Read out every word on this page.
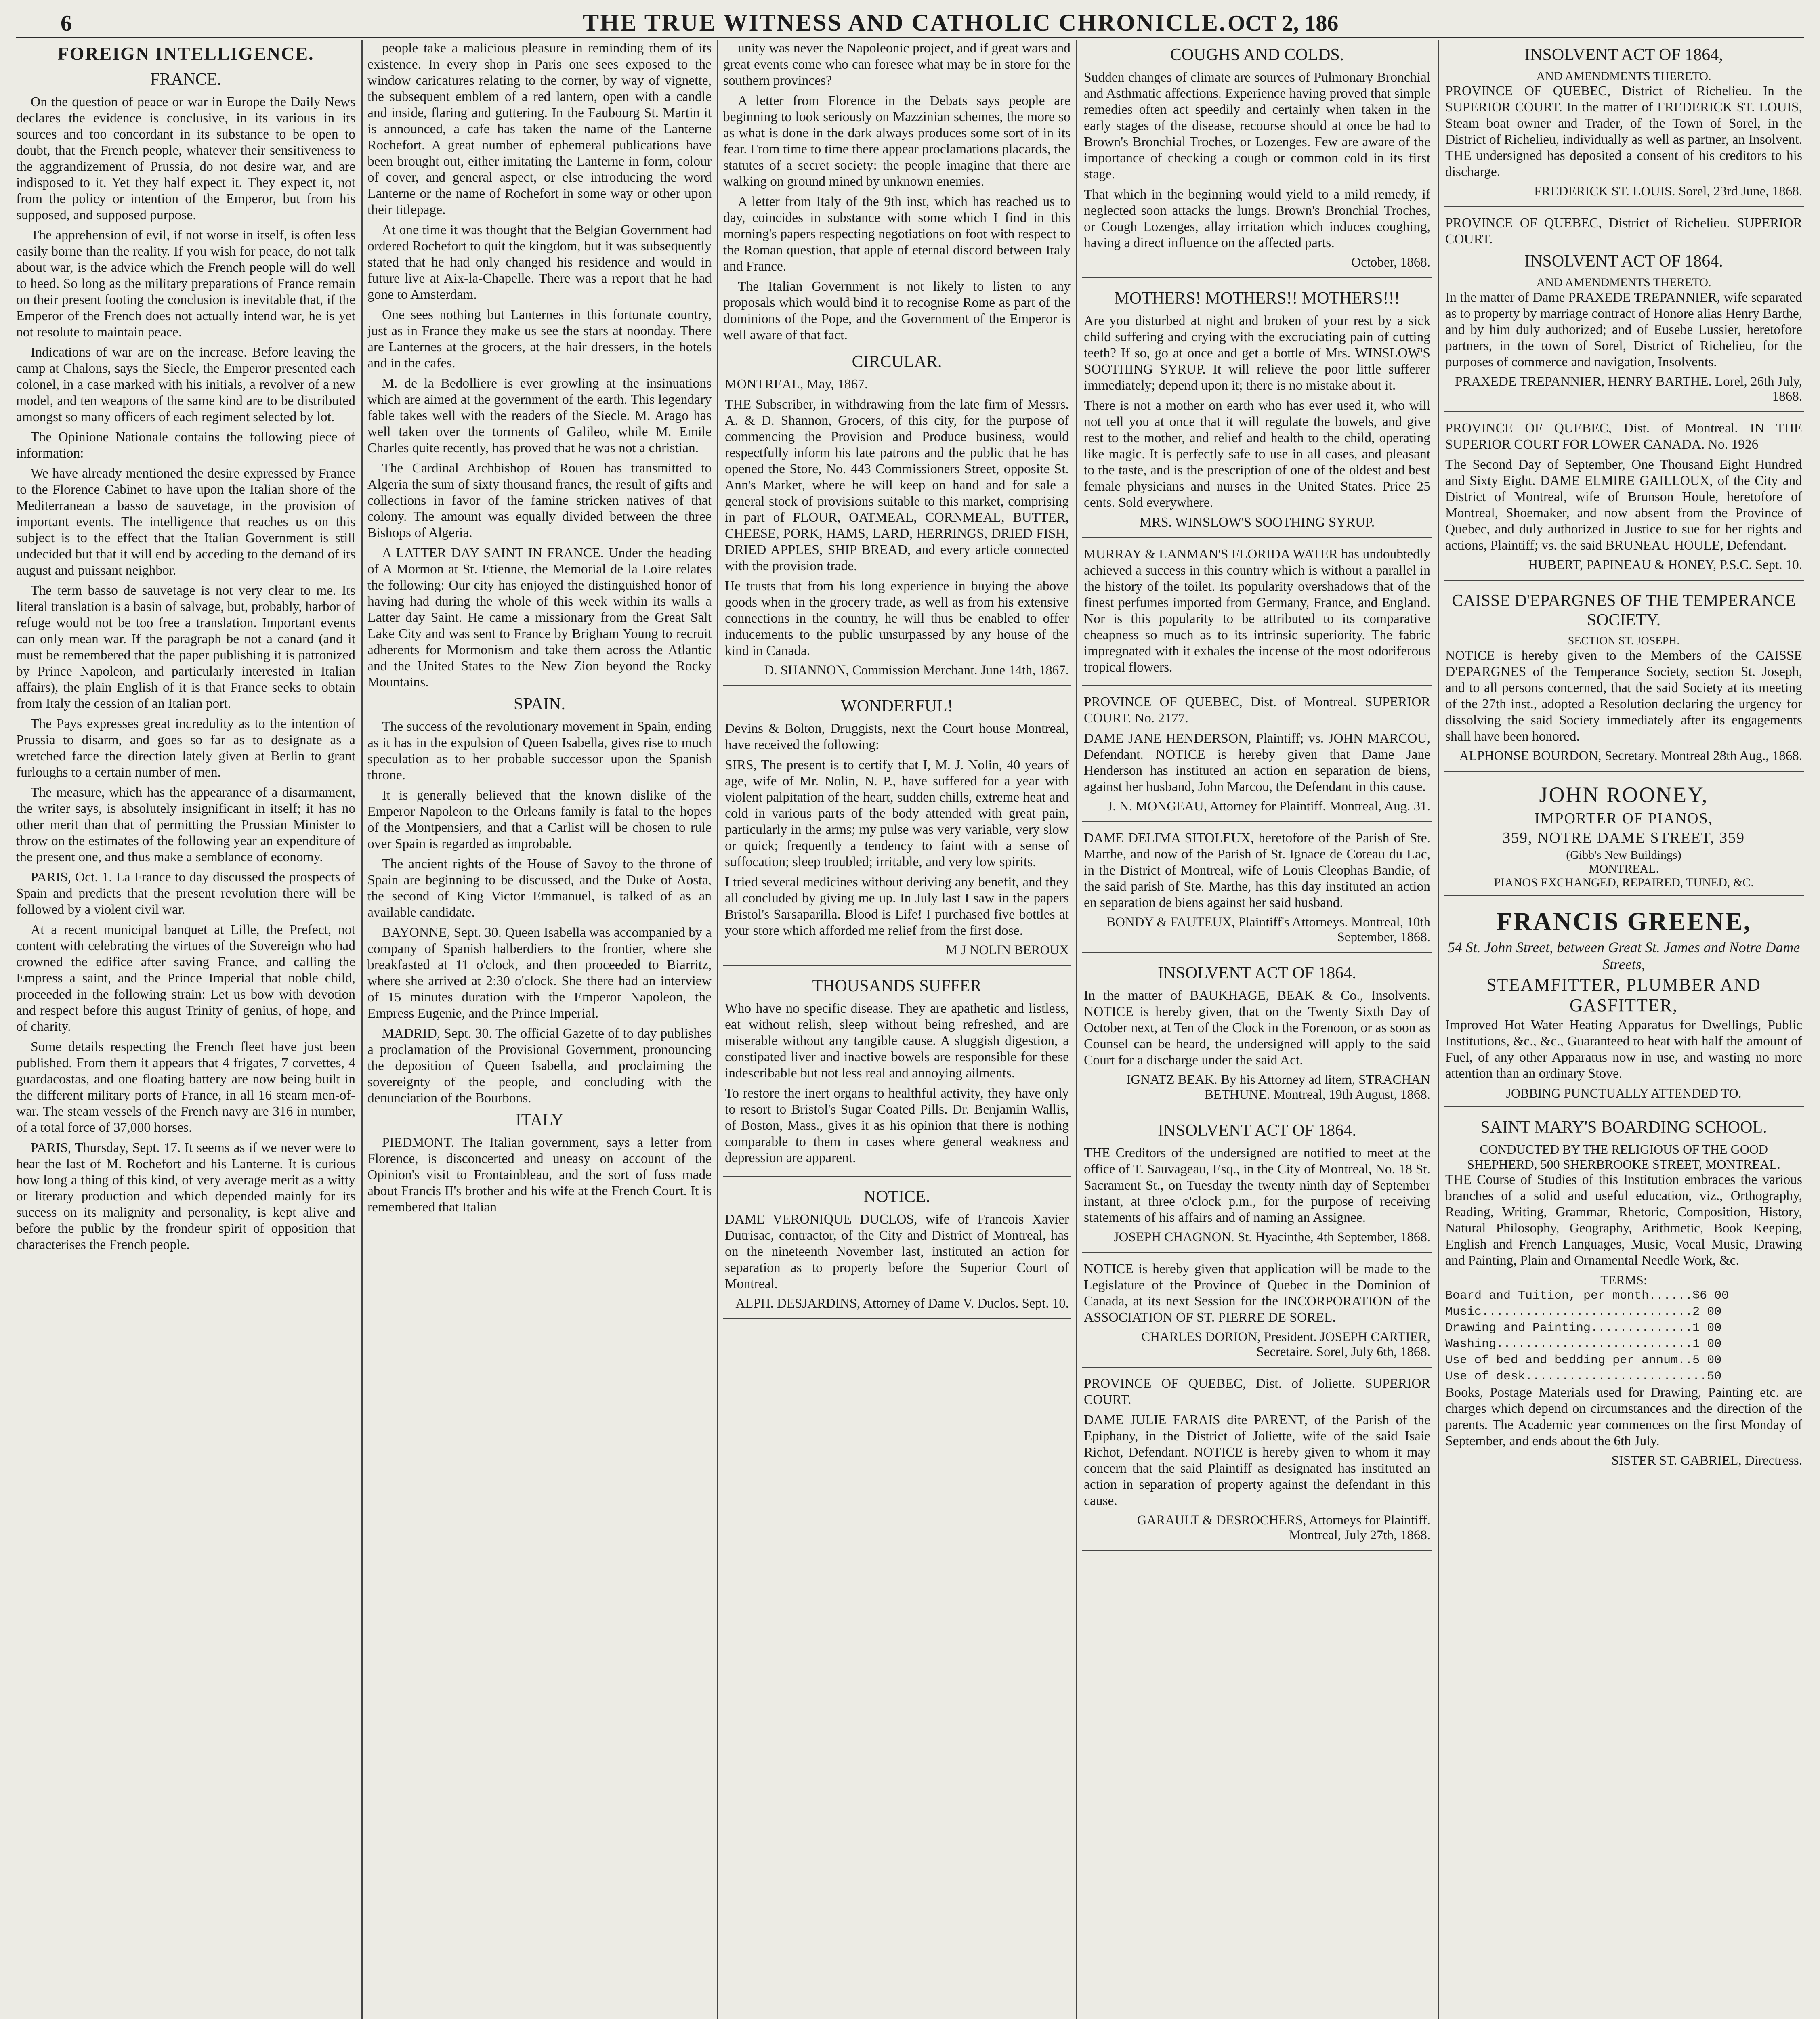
6	THE TRUE WITNESS AND CATHOLIC CHRONICLE. OCT 2, 186
FOREIGN INTELLIGENCE.
FRANCE.

On the question of peace or war in Europe the Daily News declares the evidence is conclusive, in its various in its sources and too concordant in its substance to be open to doubt, that the French people, whatever their sensitiveness to the aggrandizement of Prussia, do not desire war, and are indisposed to it. Yet they half expect it. They expect it, not from the policy or intention of the Emperor, but from his supposed, and supposed purpose.

The apprehension of evil, if not worse in itself, is often less easily borne than the reality. If you wish for peace, do not talk about war, is the advice which the French people will do well to heed. So long as the military preparations of France remain on their present footing the conclusion is inevitable that, if the Emperor of the French does not actually intend war, he is yet not resolute to maintain peace.

Indications of war are on the increase. Before leaving the camp at Chalons, says the Siecle, the Emperor presented each colonel, in a case marked with his initials, a revolver of a new model, and ten weapons of the same kind are to be distributed amongst so many officers of each regiment selected by lot.

The Opinione Nationale contains the following piece of information:

We have already mentioned the desire expressed by France to the Florence Cabinet to have upon the Italian shore of the Mediterranean a basso de sauvetage, in the provision of important events. The intelligence that reaches us on this subject is to the effect that the Italian Government is still undecided but that it will end by acceding to the demand of its august and puissant neighbor.

The term basso de sauvetage is not very clear to me. Its literal translation is a basin of salvage, but, probably, harbor of refuge would not be too free a translation. Important events can only mean war. If the paragraph be not a canard (and it must be remembered that the paper publishing it is patronized by Prince Napoleon, and particularly interested in Italian affairs), the plain English of it is that France seeks to obtain from Italy the cession of an Italian port.

The Pays expresses great incredulity as to the intention of Prussia to disarm, and goes so far as to designate as a wretched farce the direction lately given at Berlin to grant furloughs to a certain number of men.

The measure, which has the appearance of a disarmament, the writer says, is absolutely insignificant in itself; it has no other merit than that of permitting the Prussian Minister to throw on the estimates of the following year an expenditure of the present one, and thus make a semblance of economy.

PARIS, Oct. 1. La France to day discussed the prospects of Spain and predicts that the present revolution there will be followed by a violent civil war.

At a recent municipal banquet at Lille, the Prefect, not content with celebrating the virtues of the Sovereign who had crowned the edifice after saving France, and calling the Empress a saint, and the Prince Imperial that noble child, proceeded in the following strain: Let us bow with devotion and respect before this august Trinity of genius, of hope, and of charity.

Some details respecting the French fleet have just been published. From them it appears that 4 frigates, 7 corvettes, 4 guardacostas, and one floating battery are now being built in the different military ports of France, in all 16 steam men-of-war. The steam vessels of the French navy are 316 in number, of a total force of 37,000 horses.

PARIS, Thursday, Sept. 17. It seems as if we never were to hear the last of M. Rochefort and his Lanterne. It is curious how long a thing of this kind, of very average merit as a witty or literary production and which depended mainly for its success on its malignity and personality, is kept alive and before the public by the frondeur spirit of opposition that characterises the French people.

people take a malicious pleasure in reminding them of its existence. In every shop in Paris one sees exposed to the window caricatures relating to the corner, by way of vignette, the subsequent emblem of a red lantern, open with a candle and inside, flaring and guttering. In the Faubourg St. Martin it is announced, a cafe has taken the name of the Lanterne Rochefort. A great number of ephemeral publications have been brought out, either imitating the Lanterne in form, colour of cover, and general aspect, or else introducing the word Lanterne or the name of Rochefort in some way or other upon their titlepage.

At one time it was thought that the Belgian Government had ordered Rochefort to quit the kingdom, but it was subsequently stated that he had only changed his residence and would in future live at Aix-la-Chapelle. There was a report that he had gone to Amsterdam.

One sees nothing but Lanternes in this fortunate country, just as in France they make us see the stars at noonday. There are Lanternes at the grocers, at the hair dressers, in the hotels and in the cafes.

M. de la Bedolliere is ever growling at the insinuations which are aimed at the government of the earth. This legendary fable takes well with the readers of the Siecle. M. Arago has well taken over the torments of Galileo, while M. Emile Charles quite recently, has proved that he was not a christian.

The Cardinal Archbishop of Rouen has transmitted to Algeria the sum of sixty thousand francs, the result of gifts and collections in favor of the famine stricken natives of that colony. The amount was equally divided between the three Bishops of Algeria.

A LATTER DAY SAINT IN FRANCE. Under the heading of A Mormon at St. Etienne, the Memorial de la Loire relates the following: Our city has enjoyed the distinguished honor of having had during the whole of this week within its walls a Latter day Saint. He came a missionary from the Great Salt Lake City and was sent to France by Brigham Young to recruit adherents for Mormonism and take them across the Atlantic and the United States to the New Zion beyond the Rocky Mountains.

SPAIN.

The success of the revolutionary movement in Spain, ending as it has in the expulsion of Queen Isabella, gives rise to much speculation as to her probable successor upon the Spanish throne.

It is generally believed that the known dislike of the Emperor Napoleon to the Orleans family is fatal to the hopes of the Montpensiers, and that a Carlist will be chosen to rule over Spain is regarded as improbable.

The ancient rights of the House of Savoy to the throne of Spain are beginning to be discussed, and the Duke of Aosta, the second of King Victor Emmanuel, is talked of as an available candidate.

BAYONNE, Sept. 30. Queen Isabella was accompanied by a company of Spanish halberdiers to the frontier, where she breakfasted at 11 o'clock, and then proceeded to Biarritz, where she arrived at 2:30 o'clock. She there had an interview of 15 minutes duration with the Emperor Napoleon, the Empress Eugenie, and the Prince Imperial.

MADRID, Sept. 30. The official Gazette of to day publishes a proclamation of the Provisional Government, pronouncing the deposition of Queen Isabella, and proclaiming the sovereignty of the people, and concluding with the denunciation of the Bourbons.

ITALY

PIEDMONT. The Italian government, says a letter from Florence, is disconcerted and uneasy on account of the Opinion's visit to Frontainbleau, and the sort of fuss made about Francis II's brother and his wife at the French Court. It is remembered that Italian

unity was never the Napoleonic project, and if great wars and great events come who can foresee what may be in store for the southern provinces?

A letter from Florence in the Debats says people are beginning to look seriously on Mazzinian schemes, the more so as what is done in the dark always produces some sort of in its fear. From time to time there appear proclamations placards, the statutes of a secret society: the people imagine that there are walking on ground mined by unknown enemies.

A letter from Italy of the 9th inst, which has reached us to day, coincides in substance with some which I find in this morning's papers respecting negotiations on foot with respect to the Roman question, that apple of eternal discord between Italy and France.

The Italian Government is not likely to listen to any proposals which would bind it to recognise Rome as part of the dominions of the Pope, and the Government of the Emperor is well aware of that fact.

CIRCULAR.

MONTREAL, May, 1867.

THE Subscriber, in withdrawing from the late firm of Messrs. A. & D. Shannon, Grocers, of this city, for the purpose of commencing the Provision and Produce business, would respectfully inform his late patrons and the public that he has opened the Store, No. 443 Commissioners Street, opposite St. Ann's Market, where he will keep on hand and for sale a general stock of provisions suitable to this market, comprising in part of FLOUR, OATMEAL, CORNMEAL, BUTTER, CHEESE, PORK, HAMS, LARD, HERRINGS, DRIED FISH, DRIED APPLES, SHIP BREAD, and every article connected with the provision trade.

He trusts that from his long experience in buying the above goods when in the grocery trade, as well as from his extensive connections in the country, he will thus be enabled to offer inducements to the public unsurpassed by any house of the kind in Canada.

D. SHANNON, Commission Merchant. June 14th, 1867.
WONDERFUL!

Devins & Bolton, Druggists, next the Court house Montreal, have received the following:

SIRS, The present is to certify that I, M. J. Nolin, 40 years of age, wife of Mr. Nolin, N. P., have suffered for a year with violent palpitation of the heart, sudden chills, extreme heat and cold in various parts of the body attended with great pain, particularly in the arms; my pulse was very variable, very slow or quick; frequently a tendency to faint with a sense of suffocation; sleep troubled; irritable, and very low spirits.

I tried several medicines without deriving any benefit, and they all concluded by giving me up. In July last I saw in the papers Bristol's Sarsaparilla. Blood is Life! I purchased five bottles at your store which afforded me relief from the first dose.

M J NOLIN BEROUX
THOUSANDS SUFFER

Who have no specific disease. They are apathetic and listless, eat without relish, sleep without being refreshed, and are miserable without any tangible cause. A sluggish digestion, a constipated liver and inactive bowels are responsible for these indescribable but not less real and annoying ailments.

To restore the inert organs to healthful activity, they have only to resort to Bristol's Sugar Coated Pills. Dr. Benjamin Wallis, of Boston, Mass., gives it as his opinion that there is nothing comparable to them in cases where general weakness and depression are apparent.

NOTICE.

DAME VERONIQUE DUCLOS, wife of Francois Xavier Dutrisac, contractor, of the City and District of Montreal, has on the nineteenth November last, instituted an action for separation as to property before the Superior Court of Montreal.

ALPH. DESJARDINS, Attorney of Dame V. Duclos. Sept. 10.
COUGHS AND COLDS.

Sudden changes of climate are sources of Pulmonary Bronchial and Asthmatic affections. Experience having proved that simple remedies often act speedily and certainly when taken in the early stages of the disease, recourse should at once be had to Brown's Bronchial Troches, or Lozenges. Few are aware of the importance of checking a cough or common cold in its first stage.

That which in the beginning would yield to a mild remedy, if neglected soon attacks the lungs. Brown's Bronchial Troches, or Cough Lozenges, allay irritation which induces coughing, having a direct influence on the affected parts.

October, 1868.
MOTHERS! MOTHERS!! MOTHERS!!!

Are you disturbed at night and broken of your rest by a sick child suffering and crying with the excruciating pain of cutting teeth? If so, go at once and get a bottle of Mrs. WINSLOW'S SOOTHING SYRUP. It will relieve the poor little sufferer immediately; depend upon it; there is no mistake about it.

There is not a mother on earth who has ever used it, who will not tell you at once that it will regulate the bowels, and give rest to the mother, and relief and health to the child, operating like magic. It is perfectly safe to use in all cases, and pleasant to the taste, and is the prescription of one of the oldest and best female physicians and nurses in the United States. Price 25 cents. Sold everywhere.

MRS. WINSLOW'S SOOTHING SYRUP.

MURRAY & LANMAN'S FLORIDA WATER has undoubtedly achieved a success in this country which is without a parallel in the history of the toilet. Its popularity overshadows that of the finest perfumes imported from Germany, France, and England. Nor is this popularity to be attributed to its comparative cheapness so much as to its intrinsic superiority. The fabric impregnated with it exhales the incense of the most odoriferous tropical flowers.

PROVINCE OF QUEBEC, Dist. of Montreal. SUPERIOR COURT. No. 2177.

DAME JANE HENDERSON, Plaintiff; vs. JOHN MARCOU, Defendant. NOTICE is hereby given that Dame Jane Henderson has instituted an action en separation de biens, against her husband, John Marcou, the Defendant in this cause.

J. N. MONGEAU, Attorney for Plaintiff. Montreal, Aug. 31.

DAME DELIMA SITOLEUX, heretofore of the Parish of Ste. Marthe, and now of the Parish of St. Ignace de Coteau du Lac, in the District of Montreal, wife of Louis Cleophas Bandie, of the said parish of Ste. Marthe, has this day instituted an action en separation de biens against her said husband.

BONDY & FAUTEUX, Plaintiff's Attorneys. Montreal, 10th September, 1868.
INSOLVENT ACT OF 1864.

In the matter of BAUKHAGE, BEAK & Co., Insolvents. NOTICE is hereby given, that on the Twenty Sixth Day of October next, at Ten of the Clock in the Forenoon, or as soon as Counsel can be heard, the undersigned will apply to the said Court for a discharge under the said Act.

IGNATZ BEAK. By his Attorney ad litem, STRACHAN BETHUNE. Montreal, 19th August, 1868.
INSOLVENT ACT OF 1864.

THE Creditors of the undersigned are notified to meet at the office of T. Sauvageau, Esq., in the City of Montreal, No. 18 St. Sacrament St., on Tuesday the twenty ninth day of September instant, at three o'clock p.m., for the purpose of receiving statements of his affairs and of naming an Assignee.

JOSEPH CHAGNON. St. Hyacinthe, 4th September, 1868.

NOTICE is hereby given that application will be made to the Legislature of the Province of Quebec in the Dominion of Canada, at its next Session for the INCORPORATION of the ASSOCIATION OF ST. PIERRE DE SOREL.

CHARLES DORION, President. JOSEPH CARTIER, Secretaire. Sorel, July 6th, 1868.

PROVINCE OF QUEBEC, Dist. of Joliette. SUPERIOR COURT.

DAME JULIE FARAIS dite PARENT, of the Parish of the Epiphany, in the District of Joliette, wife of the said Isaie Richot, Defendant. NOTICE is hereby given to whom it may concern that the said Plaintiff as designated has instituted an action in separation of property against the defendant in this cause.

GARAULT & DESROCHERS, Attorneys for Plaintiff. Montreal, July 27th, 1868.
INSOLVENT ACT OF 1864,
AND AMENDMENTS THERETO.

PROVINCE OF QUEBEC, District of Richelieu. In the SUPERIOR COURT. In the matter of FREDERICK ST. LOUIS, Steam boat owner and Trader, of the Town of Sorel, in the District of Richelieu, individually as well as partner, an Insolvent. THE undersigned has deposited a consent of his creditors to his discharge.

FREDERICK ST. LOUIS. Sorel, 23rd June, 1868.

PROVINCE OF QUEBEC, District of Richelieu. SUPERIOR COURT.

INSOLVENT ACT OF 1864.
AND AMENDMENTS THERETO.

In the matter of Dame PRAXEDE TREPANNIER, wife separated as to property by marriage contract of Honore alias Henry Barthe, and by him duly authorized; and of Eusebe Lussier, heretofore partners, in the town of Sorel, District of Richelieu, for the purposes of commerce and navigation, Insolvents.

PRAXEDE TREPANNIER, HENRY BARTHE. Lorel, 26th July, 1868.

PROVINCE OF QUEBEC, Dist. of Montreal. IN THE SUPERIOR COURT FOR LOWER CANADA. No. 1926

The Second Day of September, One Thousand Eight Hundred and Sixty Eight. DAME ELMIRE GAILLOUX, of the City and District of Montreal, wife of Brunson Houle, heretofore of Montreal, Shoemaker, and now absent from the Province of Quebec, and duly authorized in Justice to sue for her rights and actions, Plaintiff; vs. the said BRUNEAU HOULE, Defendant.

HUBERT, PAPINEAU & HONEY, P.S.C. Sept. 10.
CAISSE D'EPARGNES OF THE TEMPERANCE SOCIETY.
SECTION ST. JOSEPH.

NOTICE is hereby given to the Members of the CAISSE D'EPARGNES of the Temperance Society, section St. Joseph, and to all persons concerned, that the said Society at its meeting of the 27th inst., adopted a Resolution declaring the urgency for dissolving the said Society immediately after its engagements shall have been honored.

ALPHONSE BOURDON, Secretary. Montreal 28th Aug., 1868.
JOHN ROONEY,
IMPORTER OF PIANOS,
359, NOTRE DAME STREET, 359
(Gibb's New Buildings)
MONTREAL.
PIANOS EXCHANGED, REPAIRED, TUNED, &C.
FRANCIS GREENE,
54 St. John Street, between Great St. James and Notre Dame Streets,
STEAMFITTER, PLUMBER AND GASFITTER,

Improved Hot Water Heating Apparatus for Dwellings, Public Institutions, &c., &c., Guaranteed to heat with half the amount of Fuel, of any other Apparatus now in use, and wasting no more attention than an ordinary Stove.

JOBBING PUNCTUALLY ATTENDED TO.
SAINT MARY'S BOARDING SCHOOL.
CONDUCTED BY THE RELIGIOUS OF THE GOOD SHEPHERD, 500 SHERBROOKE STREET, MONTREAL.

THE Course of Studies of this Institution embraces the various branches of a solid and useful education, viz., Orthography, Reading, Writing, Grammar, Rhetoric, Composition, History, Natural Philosophy, Geography, Arithmetic, Book Keeping, English and French Languages, Music, Vocal Music, Drawing and Painting, Plain and Ornamental Needle Work, &c.

TERMS:
Board and Tuition, per month......$6 00
Music.............................2 00
Drawing and Painting..............1 00
Washing...........................1 00
Use of bed and bedding per annum..5 00
Use of desk.........................50

Books, Postage Materials used for Drawing, Painting etc. are charges which depend on circumstances and the direction of the parents. The Academic year commences on the first Monday of September, and ends about the 6th July.

SISTER ST. GABRIEL, Directress.
